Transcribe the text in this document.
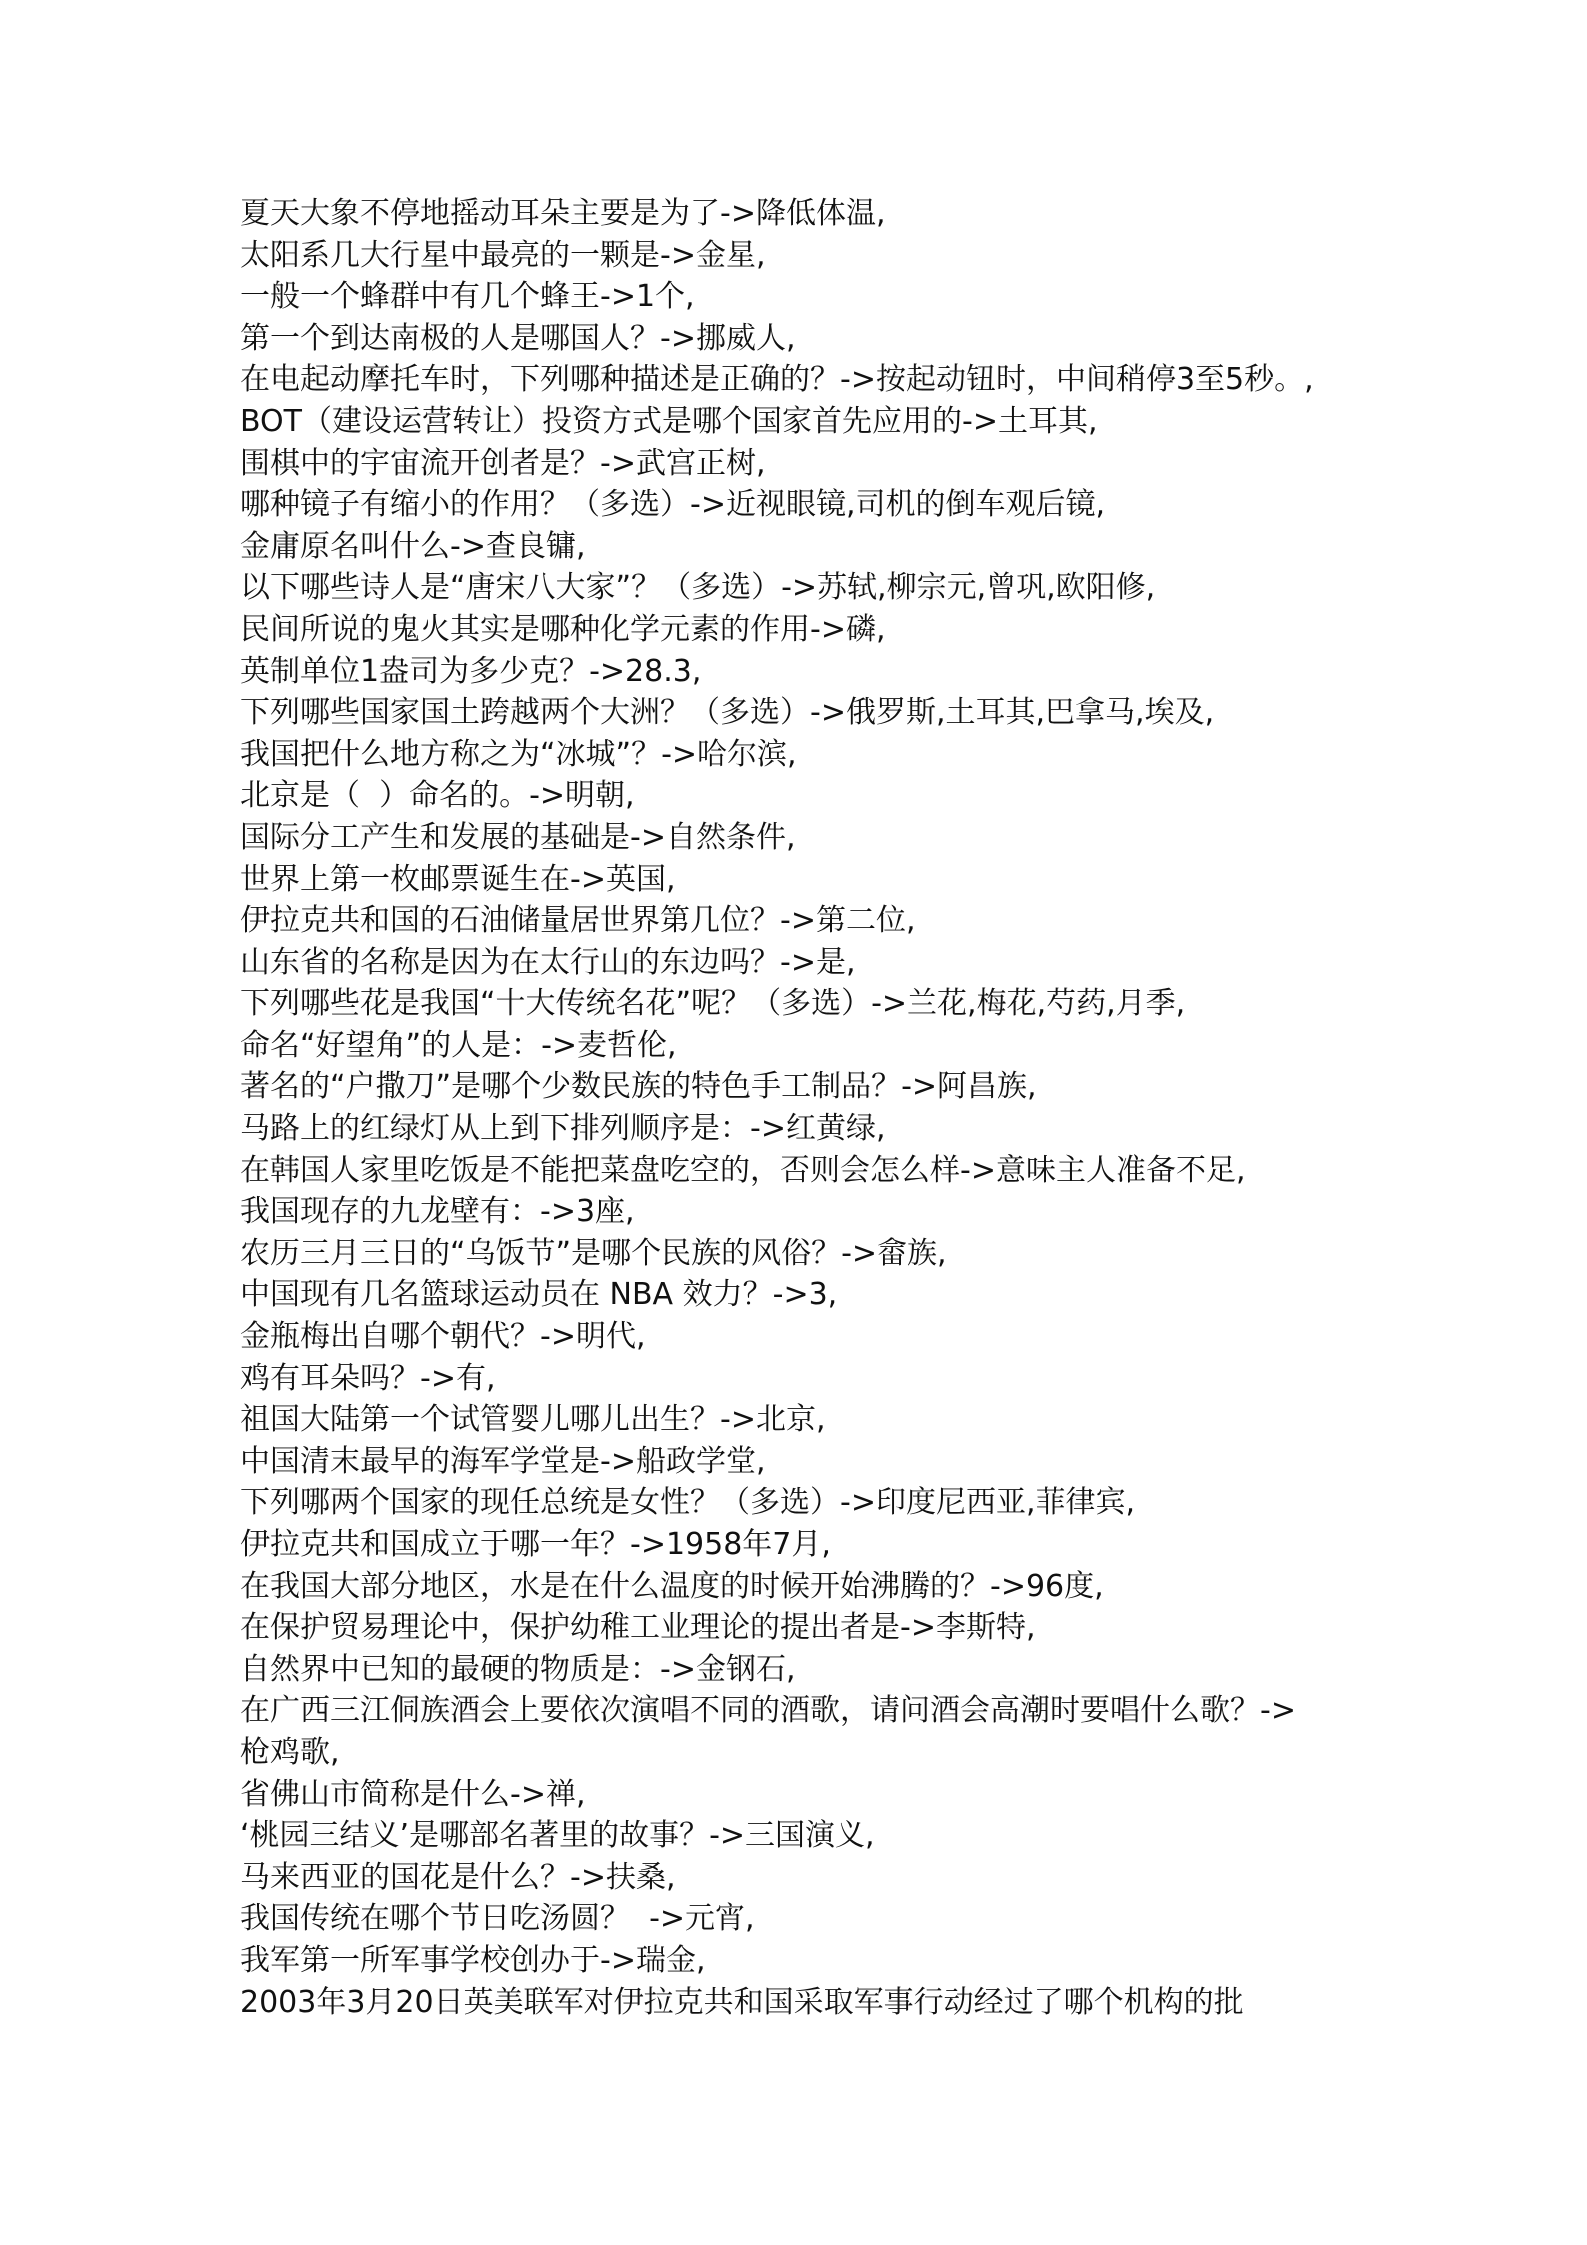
夏天大象不停地摇动耳朵主要是为了->降低体温,

太阳系几大行星中最亮的一颗是->金星,

一般一个蜂群中有几个蜂王->1个,

第一个到达南极的人是哪国人？->挪威人,

在电起动摩托车时，下列哪种描述是正确的？->按起动钮时，中间稍停3至5秒。,

BOT（建设运营转让）投资方式是哪个国家首先应用的->土耳其,

围棋中的宇宙流开创者是？->武宫正树,

哪种镜子有缩小的作用？（多选）->近视眼镜,司机的倒车观后镜,

金庸原名叫什么->查良镛,

以下哪些诗人是“唐宋八大家”？（多选）->苏轼,柳宗元,曾巩,欧阳修,

民间所说的鬼火其实是哪种化学元素的作用->磷,

英制单位1盎司为多少克？->28.3,

下列哪些国家国土跨越两个大洲？（多选）->俄罗斯,土耳其,巴拿马,埃及,

我国把什么地方称之为“冰城”？->哈尔滨,

北京是（  ）命名的。->明朝,

国际分工产生和发展的基础是->自然条件,

世界上第一枚邮票诞生在->英国,

伊拉克共和国的石油储量居世界第几位？->第二位,

山东省的名称是因为在太行山的东边吗？->是,

下列哪些花是我国“十大传统名花”呢？（多选）->兰花,梅花,芍药,月季,

命名“好望角”的人是：->麦哲伦,

著名的“户撒刀”是哪个少数民族的特色手工制品？->阿昌族,

马路上的红绿灯从上到下排列顺序是：->红黄绿,

在韩国人家里吃饭是不能把菜盘吃空的，否则会怎么样->意味主人准备不足,

我国现存的九龙壁有：->3座,

农历三月三日的“乌饭节”是哪个民族的风俗？->畲族,

中国现有几名篮球运动员在 NBA 效力？->3,

金瓶梅出自哪个朝代？->明代,

鸡有耳朵吗？->有,

祖国大陆第一个试管婴儿哪儿出生？->北京,

中国清末最早的海军学堂是->船政学堂,

下列哪两个国家的现任总统是女性？（多选）->印度尼西亚,菲律宾,

伊拉克共和国成立于哪一年？->1958年7月,

在我国大部分地区，水是在什么温度的时候开始沸腾的？->96度,

在保护贸易理论中，保护幼稚工业理论的提出者是->李斯特,

自然界中已知的最硬的物质是：->金钢石,

在广西三江侗族酒会上要依次演唱不同的酒歌，请问酒会高潮时要唱什么歌？->

枪鸡歌,

省佛山市简称是什么->禅,

‘桃园三结义’是哪部名著里的故事？->三国演义,

马来西亚的国花是什么？->扶桑,

我国传统在哪个节日吃汤圆？  ->元宵,

我军第一所军事学校创办于->瑞金,

2003年3月20日英美联军对伊拉克共和国采取军事行动经过了哪个机构的批
